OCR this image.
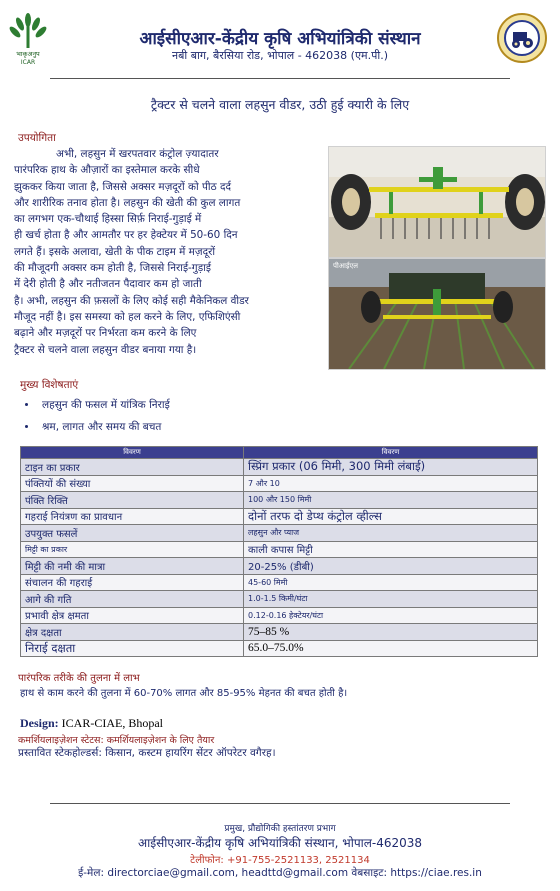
भाकृअनुप
ICAR
आईसीएआर-केंद्रीय कृषि अभियांत्रिकी संस्थान
नबी बाग, बैरसिया रोड, भोपाल - 462038 (एम.पी.)
ट्रैक्टर से चलने वाला लहसुन वीडर, उठी हुई क्यारी के लिए
उपयोगिता

अभी, लहसुन में खरपतवार कंट्रोल ज़्यादातर

पारंपरिक हाथ के औज़ारों का इस्तेमाल करके सीधे

झुककर किया जाता है, जिससे अक्सर मज़दूरों को पीठ दर्द

और शारीरिक तनाव होता है। लहसुन की खेती की कुल लागत

का लगभग एक-चौथाई हिस्सा सिर्फ़ निराई-गुड़ाई में

ही खर्च होता है और आमतौर पर हर हेक्टेयर में 50-60 दिन

लगते हैं। इसके अलावा, खेती के पीक टाइम में मज़दूरों

की मौजूदगी अक्सर कम होती है, जिससे निराई-गुड़ाई

में देरी होती है और नतीजतन पैदावार कम हो जाती

है। अभी, लहसुन की फ़सलों के लिए कोई सही मैकेनिकल वीडर

मौजूद नहीं है। इस समस्या को हल करने के लिए, एफिशिएंसी

बढ़ाने और मज़दूरों पर निर्भरता कम करने के लिए

ट्रैक्टर से चलने वाला लहसुन वीडर बनाया गया है।

पीआईएल
मुख्य विशेषताएं
• लहसुन की फसल में यांत्रिक निराई
• श्रम, लागत और समय की बचत
विवरण	विवरण
टाइन का प्रकार	स्प्रिंग प्रकार (06 मिमी, 300 मिमी लंबाई)
पंक्तियों की संख्या	7 और 10
पंक्ति रिक्ति	100 और 150 मिमी
गहराई नियंत्रण का प्रावधान	दोनों तरफ दो डेप्थ कंट्रोल व्हील्स
उपयुक्त फसलें	लहसुन और प्याज
मिट्टी का प्रकार	काली कपास मिट्टी
मिट्टी की नमी की मात्रा	20-25% (डीबी)
संचालन की गहराई	45-60 मिमी
आगे की गति	1.0-1.5 किमी/घंटा
प्रभावी क्षेत्र क्षमता	0.12-0.16 हेक्टेयर/घंटा
क्षेत्र दक्षता	75–85 %
निराई दक्षता	65.0–75.0%
पारंपरिक तरीके की तुलना में लाभ
हाथ से काम करने की तुलना में 60-70% लागत और 85-95% मेहनत की बचत होती है।
Design: ICAR-CIAE, Bhopal
कमर्शियलाइज़ेशन स्टेटस: कमर्शियलाइज़ेशन के लिए तैयार
प्रस्तावित स्टेकहोल्डर्स: किसान, कस्टम हायरिंग सेंटर ऑपरेटर वगैरह।
प्रमुख, प्रौद्योगिकी हस्तांतरण प्रभाग
आईसीएआर-केंद्रीय कृषि अभियांत्रिकी संस्थान, भोपाल-462038
टेलीफोन: +91-755-2521133, 2521134
ई-मेल: directorciae@gmail.com, headttd@gmail.com वेबसाइट: https://ciae.res.in
